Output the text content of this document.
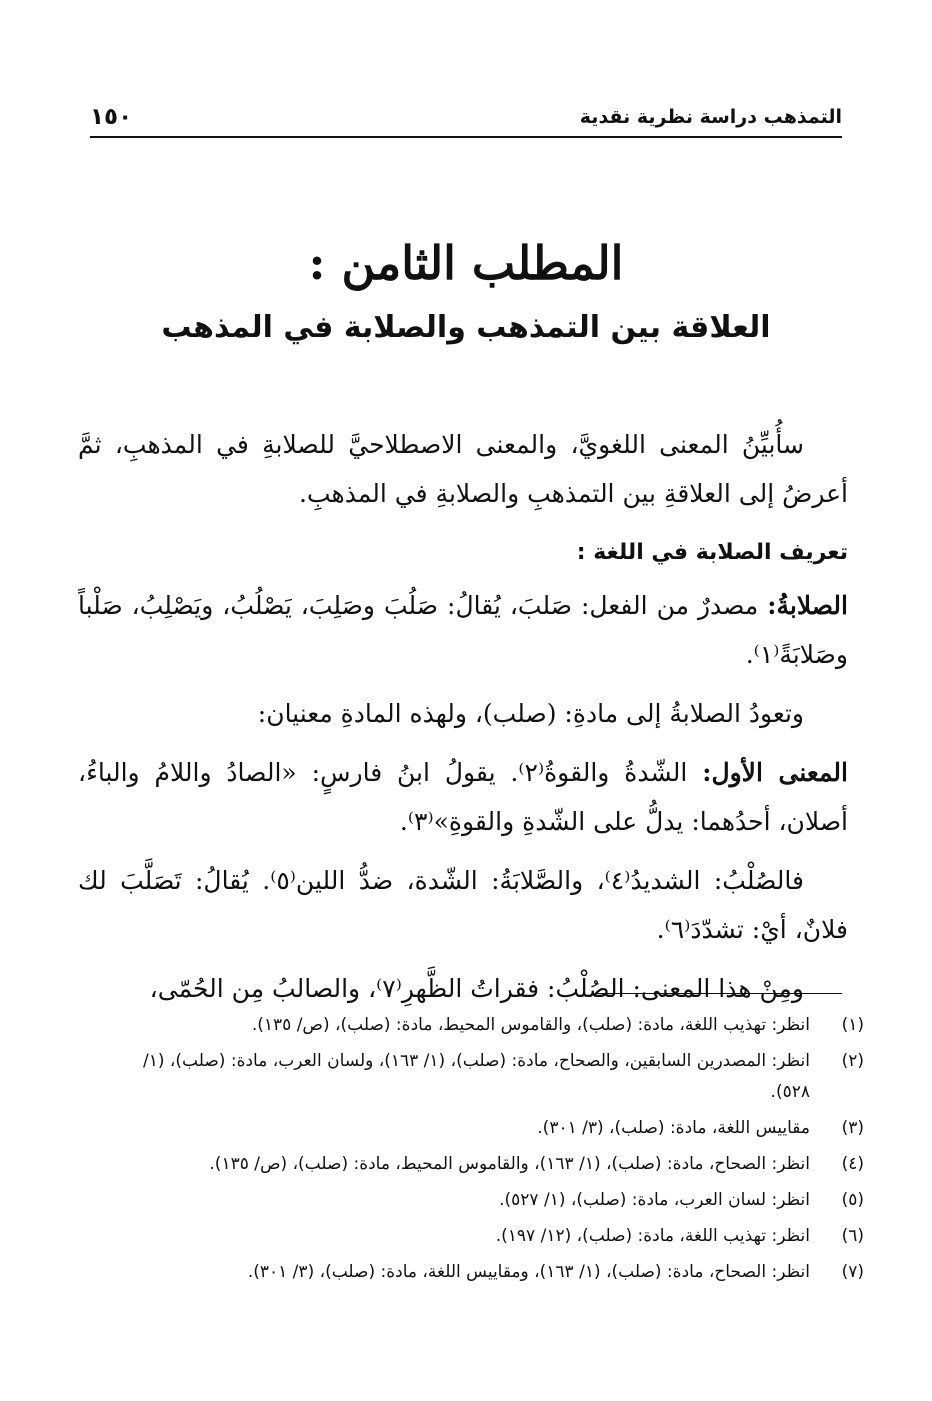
التمذهب دراسة نظرية نقدية
١٥٠
المطلب الثامن :
العلاقة بين التمذهب والصلابة في المذهب

سأُبيِّنُ المعنى اللغويَّ، والمعنى الاصطلاحيَّ للصلابةِ في المذهبِ، ثمَّ أعرضُ إلى العلاقةِ بين التمذهبِ والصلابةِ في المذهبِ.

تعريف الصلابة في اللغة :

الصلابةُ: مصدرٌ من الفعل: صَلبَ، يُقالُ: صَلُبَ وصَلِبَ، يَصْلُبُ، ويَصْلِبُ، صَلْباً وصَلابَةً⁽١⁾.

وتعودُ الصلابةُ إلى مادةِ: (صلب)، ولهذه المادةِ معنيان:

المعنى الأول: الشّدةُ والقوةُ⁽٢⁾. يقولُ ابنُ فارسٍ: «الصادُ واللامُ والباءُ، أصلان، أحدُهما: يدلُّ على الشّدةِ والقوةِ»⁽٣⁾.

فالصُلْبُ: الشديدُ⁽٤⁾، والصَّلابَةُ: الشّدة، ضدُّ اللين⁽٥⁾. يُقالُ: تَصَلَّبَ لك فلانٌ، أيْ: تشدّدَ⁽٦⁾.

ومِنْ هذا المعنى: الصُلْبُ: فقراتُ الظَّهرِ⁽٧⁾، والصالبُ مِن الحُمّى،

(١)
انظر: تهذيب اللغة، مادة: (صلب)، والقاموس المحيط، مادة: (صلب)، (ص/ ١٣٥).
(٢)
انظر: المصدرين السابقين، والصحاح، مادة: (صلب)، (١/ ١٦٣)، ولسان العرب، مادة: (صلب)، (١/ ٥٢٨).
(٣)
مقاييس اللغة، مادة: (صلب)، (٣/ ٣٠١).
(٤)
انظر: الصحاح، مادة: (صلب)، (١/ ١٦٣)، والقاموس المحيط، مادة: (صلب)، (ص/ ١٣٥).
(٥)
انظر: لسان العرب، مادة: (صلب)، (١/ ٥٢٧).
(٦)
انظر: تهذيب اللغة، مادة: (صلب)، (١٢/ ١٩٧).
(٧)
انظر: الصحاح، مادة: (صلب)، (١/ ١٦٣)، ومقاييس اللغة، مادة: (صلب)، (٣/ ٣٠١).
